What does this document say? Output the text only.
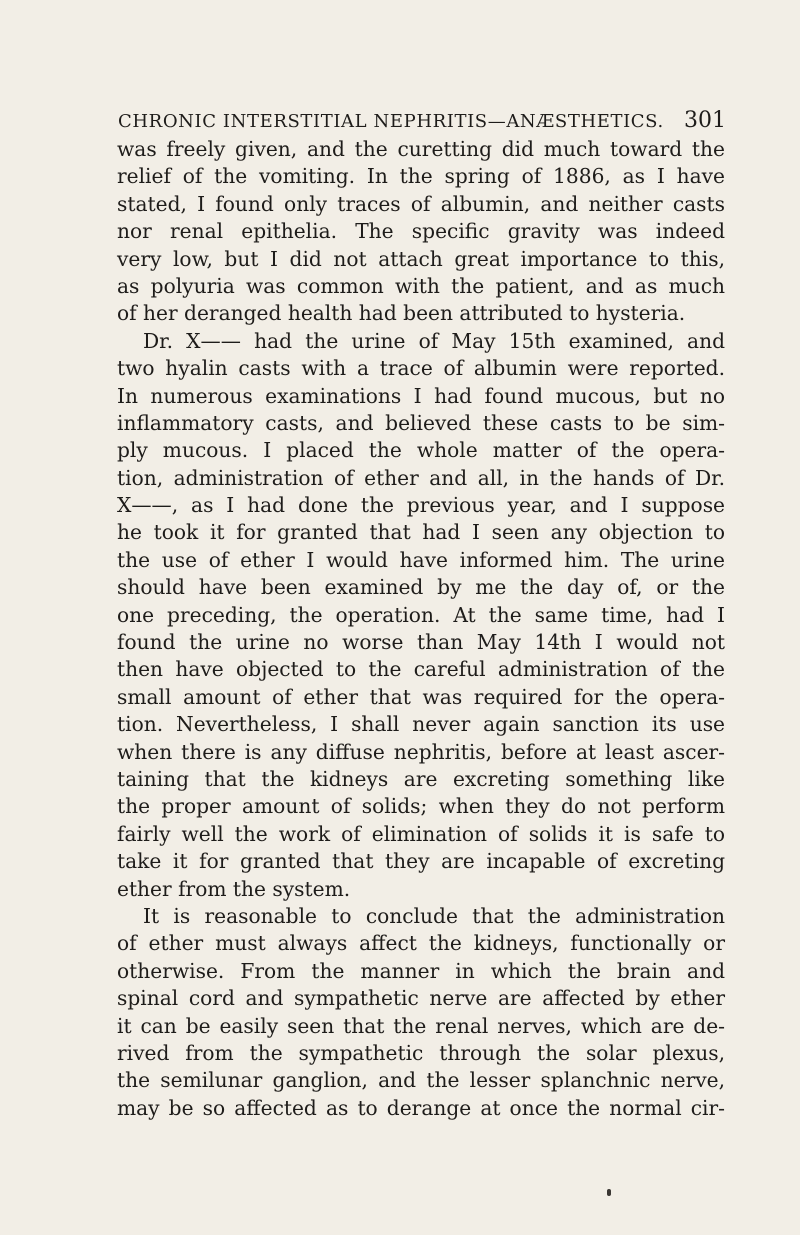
CHRONIC INTERSTITIAL NEPHRITIS—ANÆSTHETICS. 301
was freely given, and the curetting did much toward the
relief of the vomiting. In the spring of 1886, as I have
stated, I found only traces of albumin, and neither casts
nor renal epithelia. The specific gravity was indeed
very low, but I did not attach great importance to this,
as polyuria was common with the patient, and as much
of her deranged health had been attributed to hysteria.
Dr. X—— had the urine of May 15th examined, and
two hyalin casts with a trace of albumin were reported.
In numerous examinations I had found mucous, but no
inflammatory casts, and believed these casts to be sim-
ply mucous. I placed the whole matter of the opera-
tion, administration of ether and all, in the hands of Dr.
X——, as I had done the previous year, and I suppose
he took it for granted that had I seen any objection to
the use of ether I would have informed him. The urine
should have been examined by me the day of, or the
one preceding, the operation. At the same time, had I
found the urine no worse than May 14th I would not
then have objected to the careful administration of the
small amount of ether that was required for the opera-
tion. Nevertheless, I shall never again sanction its use
when there is any diffuse nephritis, before at least ascer-
taining that the kidneys are excreting something like
the proper amount of solids; when they do not perform
fairly well the work of elimination of solids it is safe to
take it for granted that they are incapable of excreting
ether from the system.
It is reasonable to conclude that the administration
of ether must always affect the kidneys, functionally or
otherwise. From the manner in which the brain and
spinal cord and sympathetic nerve are affected by ether
it can be easily seen that the renal nerves, which are de-
rived from the sympathetic through the solar plexus,
the semilunar ganglion, and the lesser splanchnic nerve,
may be so affected as to derange at once the normal cir-
